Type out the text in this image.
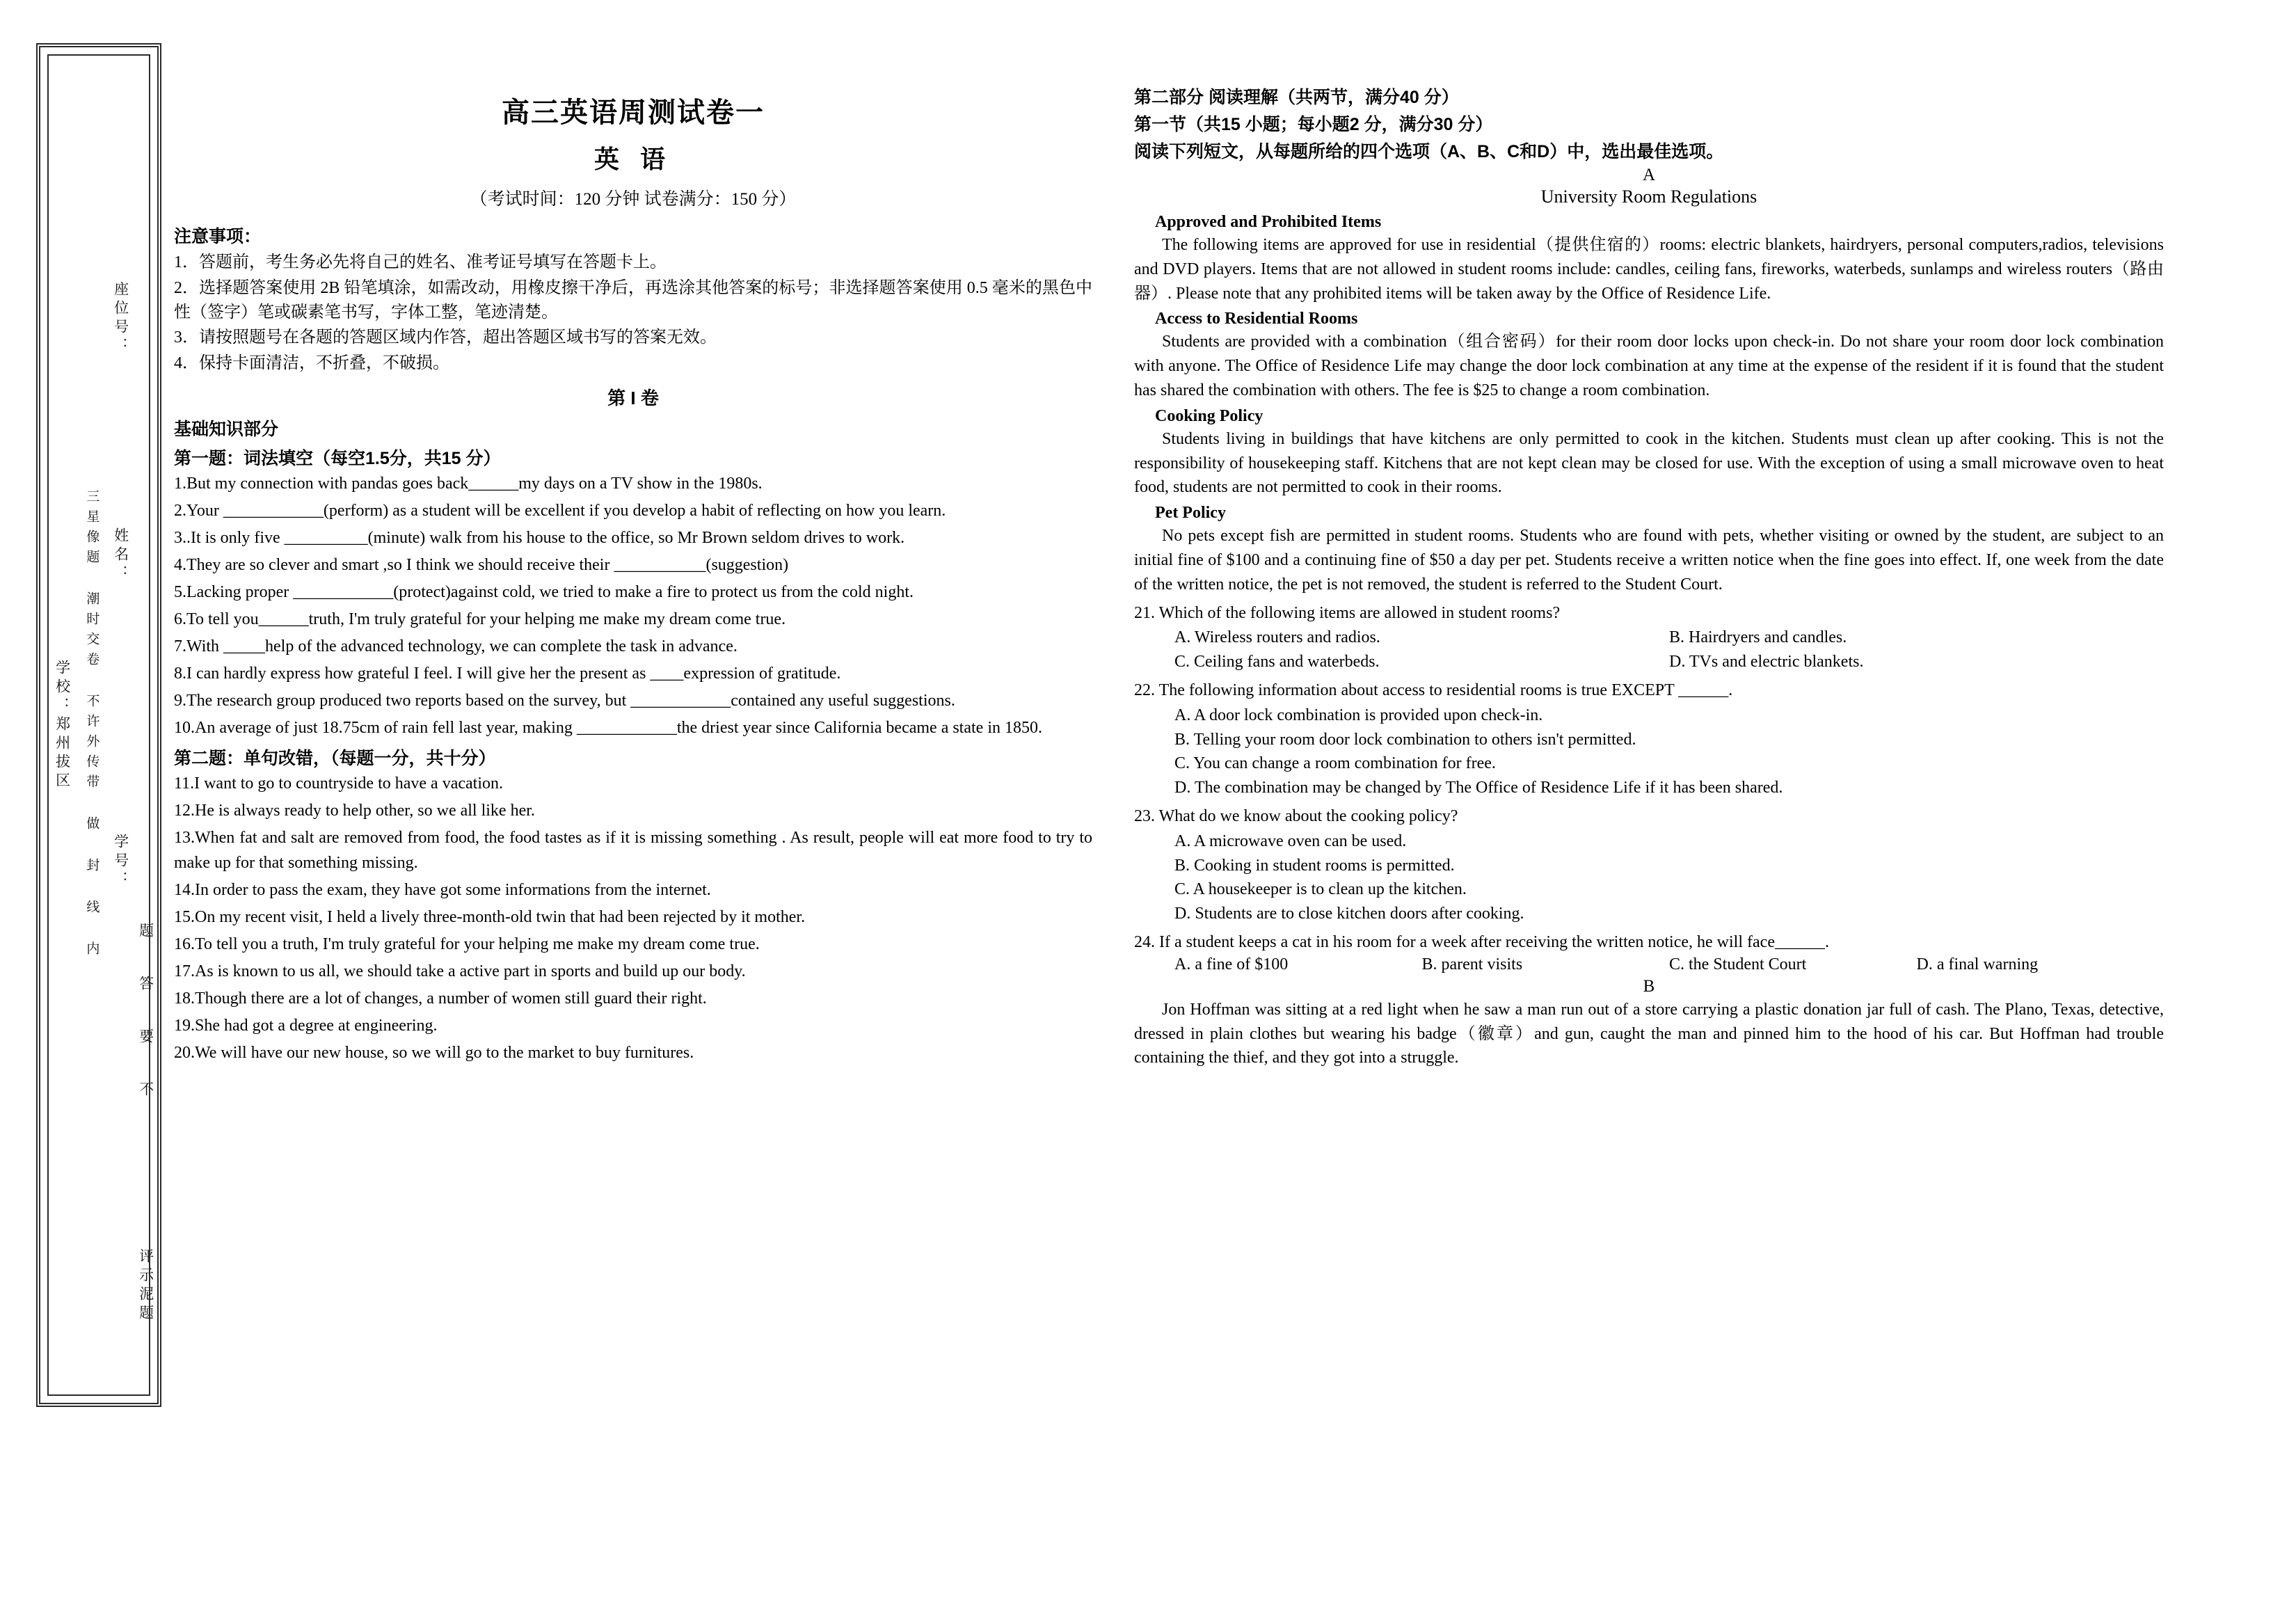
学校：郑州拔区 三星像题 潮时交卷 不许外传带 做 封 线 内 姓名：
学号：
座位号：
题 答 要 不
评示泥题
高三英语周测试卷一
英 语
（考试时间：120 分钟 试卷满分：150 分）
注意事项：
1．答题前，考生务必先将自己的姓名、准考证号填写在答题卡上。
2．选择题答案使用 2B 铅笔填涂，如需改动，用橡皮擦干净后，再选涂其他答案的标号；非选择题答案使用 0.5 毫米的黑色中性（签字）笔或碳素笔书写，字体工整，笔迹清楚。
3．请按照题号在各题的答题区域内作答，超出答题区域书写的答案无效。
4．保持卡面清洁，不折叠，不破损。
第 I 卷
基础知识部分
第一题：词法填空（每空1.5分，共15 分）
1.But my connection with pandas goes back______my days on a TV show in the 1980s.
2.Your ____________(perform) as a student will be excellent if you develop a habit of reflecting on how you learn.
3..It is only five __________(minute) walk from his house to the office, so Mr Brown seldom drives to work.
4.They are so clever and smart ,so I think we should receive their ___________(suggestion)
5.Lacking proper ____________(protect)against cold, we tried to make a fire to protect us from the cold night.
6.To tell you______truth, I'm truly grateful for your helping me make my dream come true.
7.With _____help of the advanced technology, we can complete the task in advance.
8.I can hardly express how grateful I feel. I will give her the present as ____expression of gratitude.
9.The research group produced two reports based on the survey, but ____________contained any useful suggestions.
10.An average of just 18.75cm of rain fell last year, making ____________the driest year since California became a state in 1850.
第二题：单句改错，（每题一分，共十分）
11.I want to go to countryside to have a vacation.
12.He is always ready to help other, so we all like her.
13.When fat and salt are removed from food, the food tastes as if it is missing something . As result, people will eat more food to try to make up for that something missing.
14.In order to pass the exam, they have got some informations from the internet.
15.On my recent visit, I held a lively three-month-old twin that had been rejected by it mother.
16.To tell you a truth, I'm truly grateful for your helping me make my dream come true.
17.As is known to us all, we should take a active part in sports and build up our body.
18.Though there are a lot of changes, a number of women still guard their right.
19.She had got a degree at engineering.
20.We will have our new house, so we will go to the market to buy furnitures.
第二部分 阅读理解（共两节，满分40 分）
第一节（共15 小题；每小题2 分，满分30 分）
阅读下列短文，从每题所给的四个选项（A、B、C和D）中，选出最佳选项。
A
University Room Regulations
Approved and Prohibited Items
The following items are approved for use in residential（提供住宿的）rooms: electric blankets, hairdryers, personal computers,radios, televisions and DVD players. Items that are not allowed in student rooms include: candles, ceiling fans, fireworks, waterbeds, sunlamps and wireless routers（路由器）. Please note that any prohibited items will be taken away by the Office of Residence Life.
Access to Residential Rooms
Students are provided with a combination（组合密码）for their room door locks upon check-in. Do not share your room door lock combination with anyone. The Office of Residence Life may change the door lock combination at any time at the expense of the resident if it is found that the student has shared the combination with others. The fee is $25 to change a room combination.
Cooking Policy
Students living in buildings that have kitchens are only permitted to cook in the kitchen. Students must clean up after cooking. This is not the responsibility of housekeeping staff. Kitchens that are not kept clean may be closed for use. With the exception of using a small microwave oven to heat food, students are not permitted to cook in their rooms.
Pet Policy
No pets except fish are permitted in student rooms. Students who are found with pets, whether visiting or owned by the student, are subject to an initial fine of $100 and a continuing fine of $50 a day per pet. Students receive a written notice when the fine goes into effect. If, one week from the date of the written notice, the pet is not removed, the student is referred to the Student Court.
21. Which of the following items are allowed in student rooms?
A. Wireless routers and radios.	B. Hairdryers and candles.
C. Ceiling fans and waterbeds.	D. TVs and electric blankets.
22. The following information about access to residential rooms is true EXCEPT ______.
A. A door lock combination is provided upon check-in.
B. Telling your room door lock combination to others isn't permitted.
C. You can change a room combination for free.
D. The combination may be changed by The Office of Residence Life if it has been shared.
23. What do we know about the cooking policy?
A. A microwave oven can be used.
B. Cooking in student rooms is permitted.
C. A housekeeper is to clean up the kitchen.
D. Students are to close kitchen doors after cooking.
24. If a student keeps a cat in his room for a week after receiving the written notice, he will face______.
A. a fine of $100	B. parent visits	C. the Student Court	D. a final warning
B
Jon Hoffman was sitting at a red light when he saw a man run out of a store carrying a plastic donation jar full of cash. The Plano, Texas, detective, dressed in plain clothes but wearing his badge（徽章）and gun, caught the man and pinned him to the hood of his car. But Hoffman had trouble containing the thief, and they got into a struggle.
